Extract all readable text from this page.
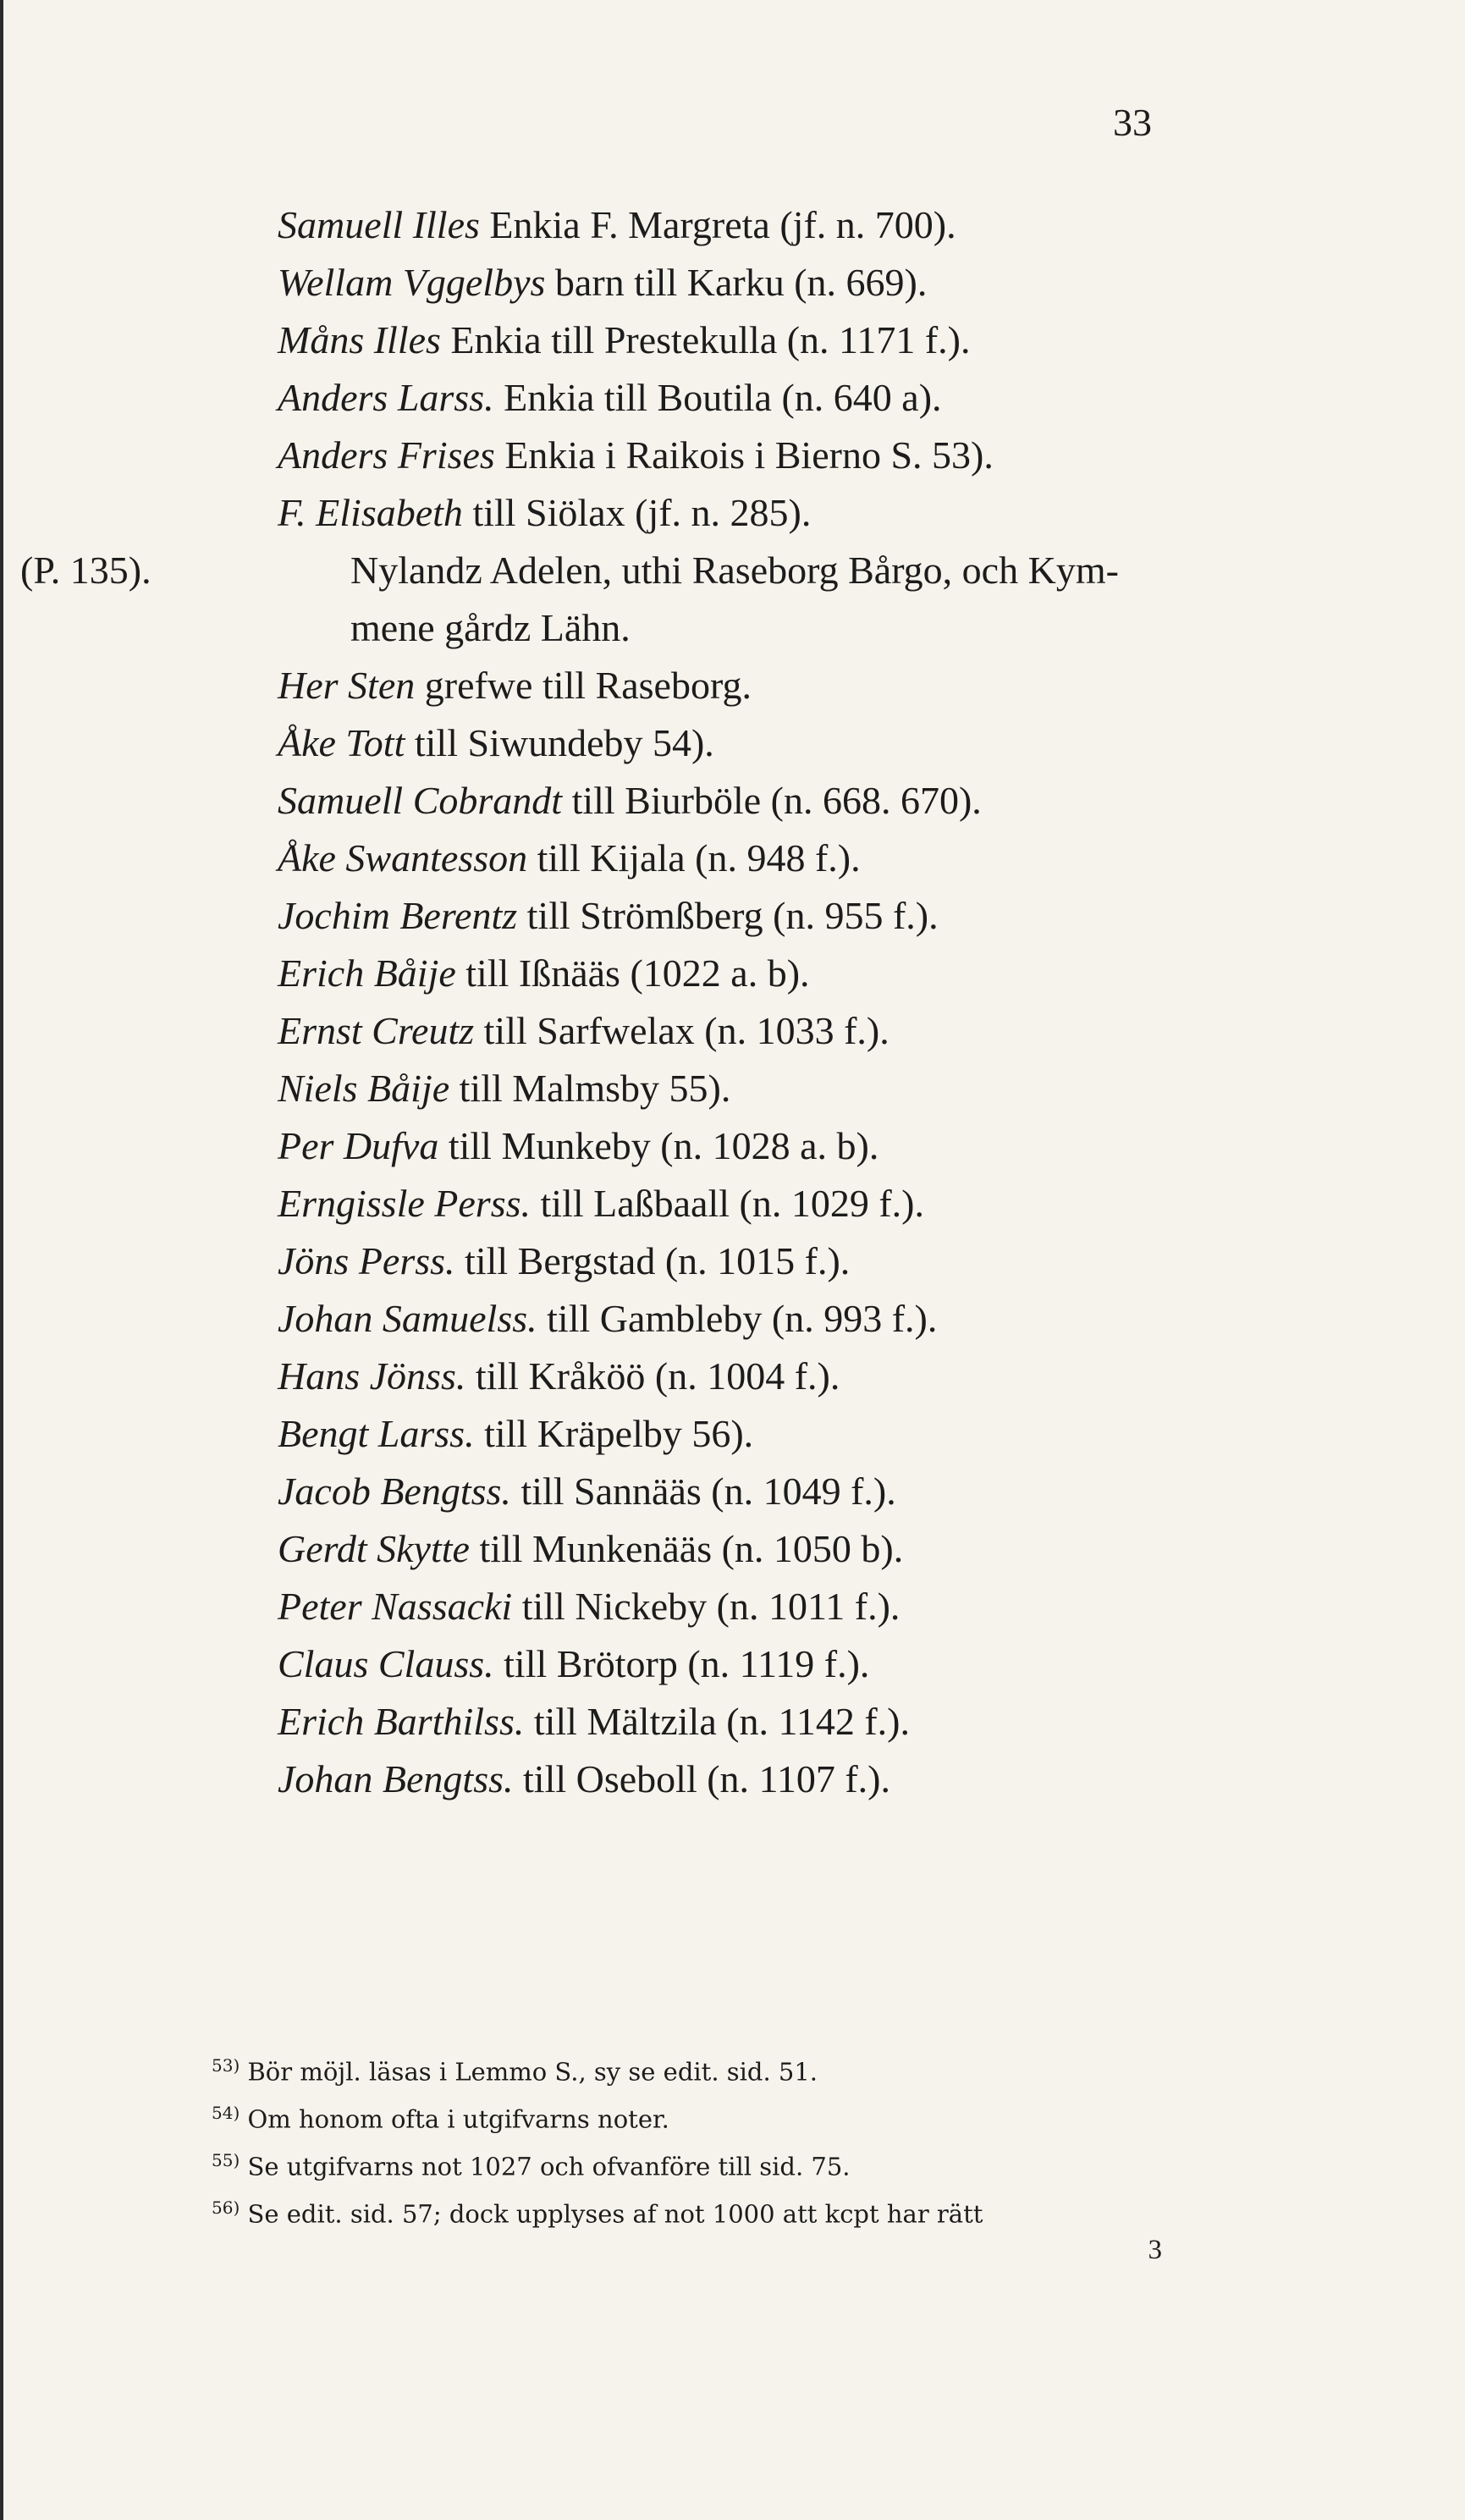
33
Samuell Illes Enkia F. Margreta (jf. n. 700).
Wellam Vggelbys barn till Karku (n. 669).
Måns Illes Enkia till Prestekulla (n. 1171 f.).
Anders Larss. Enkia till Boutila (n. 640 a).
Anders Frises Enkia i Raikois i Bierno S. 53).
F. Elisabeth till Siölax (jf. n. 285).
(P. 135).	Nylandz Adelen, uthi Raseborg Bårgo, och Kym-
mene gårdz Lähn.
Her Sten grefwe till Raseborg.
Åke Tott till Siwundeby 54).
Samuell Cobrandt till Biurböle (n. 668. 670).
Åke Swantesson till Kijala (n. 948 f.).
Jochim Berentz till Strömßberg (n. 955 f.).
Erich Båije till Ißnääs (1022 a. b).
Ernst Creutz till Sarfwelax (n. 1033 f.).
Niels Båije till Malmsby 55).
Per Dufva till Munkeby (n. 1028 a. b).
Erngissle Perss. till Laßbaall (n. 1029 f.).
Jöns Perss. till Bergstad (n. 1015 f.).
Johan Samuelss. till Gambleby (n. 993 f.).
Hans Jönss. till Kråköö (n. 1004 f.).
Bengt Larss. till Kräpelby 56).
Jacob Bengtss. till Sannääs (n. 1049 f.).
Gerdt Skytte till Munkenääs (n. 1050 b).
Peter Nassacki till Nickeby (n. 1011 f.).
Claus Clauss. till Brötorp (n. 1119 f.).
Erich Barthilss. till Mältzila (n. 1142 f.).
Johan Bengtss. till Oseboll (n. 1107 f.).
$^{53)}$ Bör möjl. läsas i Lemmo S., sy se edit. sid. 51.
$^{54)}$ Om honom ofta i utgifvarns noter.
$^{55)}$ Se utgifvarns not 1027 och ofvanföre till sid. 75.
$^{56)}$ Se edit. sid. 57; dock upplyses af not 1000 att kcpt har rätt
3
